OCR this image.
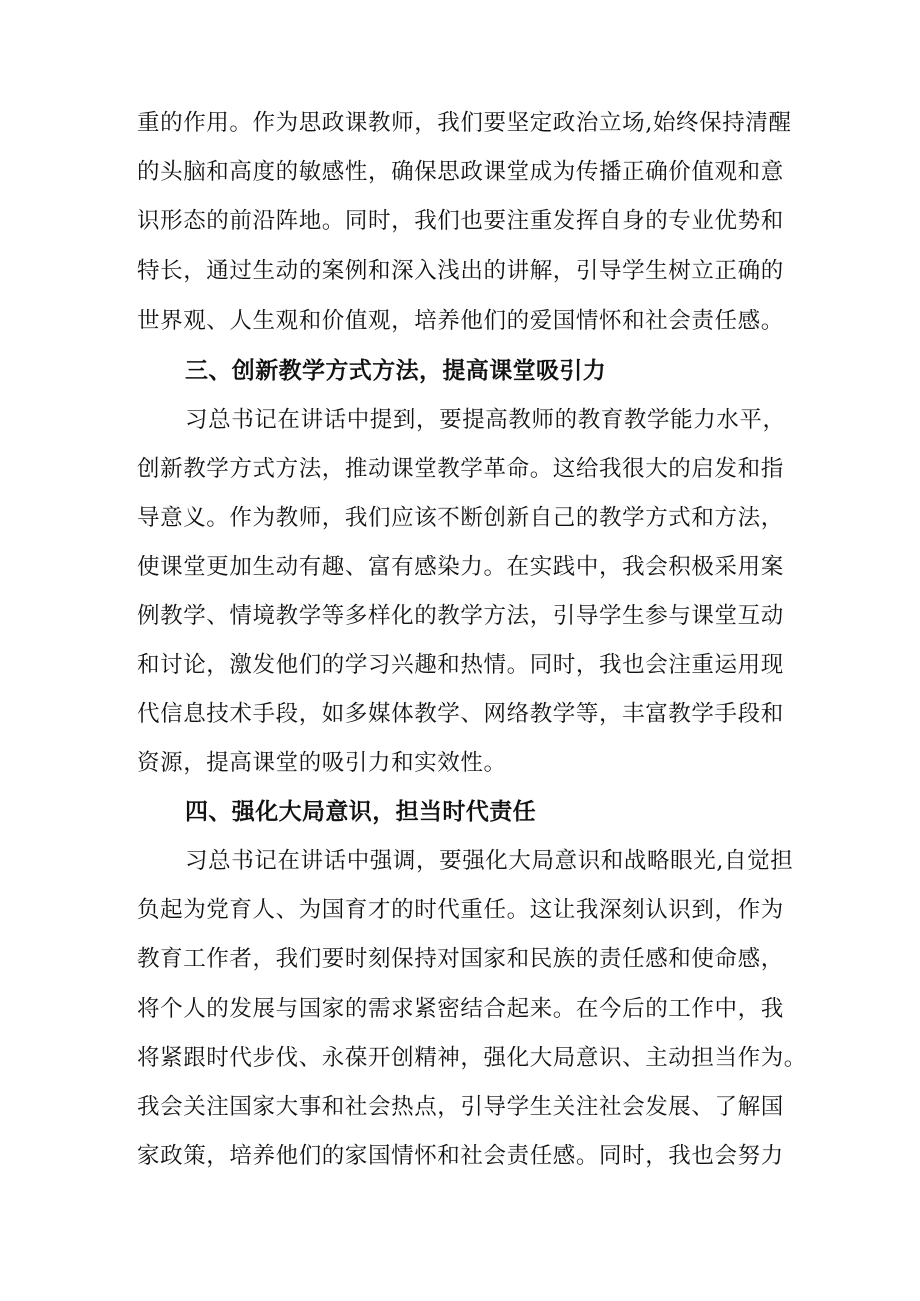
重的作用。作为思政课教师，我们要坚定政治立场,始终保持清醒
的头脑和高度的敏感性，确保思政课堂成为传播正确价值观和意
识形态的前沿阵地。同时，我们也要注重发挥自身的专业优势和
特长，通过生动的案例和深入浅出的讲解，引导学生树立正确的
世界观、人生观和价值观，培养他们的爱国情怀和社会责任感。
三、创新教学方式方法，提高课堂吸引力
习总书记在讲话中提到，要提高教师的教育教学能力水平，
创新教学方式方法，推动课堂教学革命。这给我很大的启发和指
导意义。作为教师，我们应该不断创新自己的教学方式和方法，
使课堂更加生动有趣、富有感染力。在实践中，我会积极采用案
例教学、情境教学等多样化的教学方法，引导学生参与课堂互动
和讨论，激发他们的学习兴趣和热情。同时，我也会注重运用现
代信息技术手段，如多媒体教学、网络教学等，丰富教学手段和
资源，提高课堂的吸引力和实效性。
四、强化大局意识，担当时代责任
习总书记在讲话中强调，要强化大局意识和战略眼光,自觉担
负起为党育人、为国育才的时代重任。这让我深刻认识到，作为
教育工作者，我们要时刻保持对国家和民族的责任感和使命感，
将个人的发展与国家的需求紧密结合起来。在今后的工作中，我
将紧跟时代步伐、永葆开创精神，强化大局意识、主动担当作为。
我会关注国家大事和社会热点，引导学生关注社会发展、了解国
家政策，培养他们的家国情怀和社会责任感。同时，我也会努力
